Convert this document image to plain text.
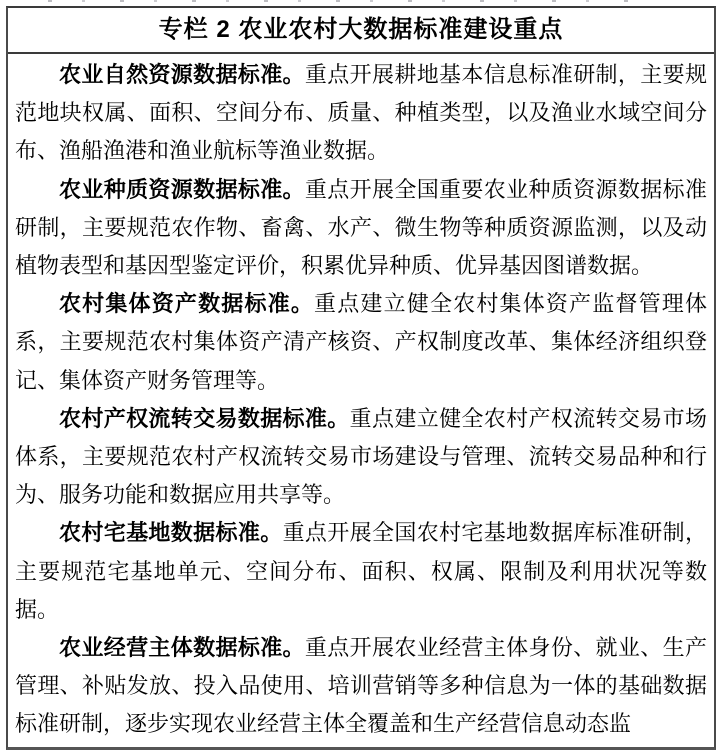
专栏 2 农业农村大数据标准建设重点

农业自然资源数据标准。重点开展耕地基本信息标准研制，主要规范地块权属、面积、空间分布、质量、种植类型，以及渔业水域空间分布、渔船渔港和渔业航标等渔业数据。

农业种质资源数据标准。重点开展全国重要农业种质资源数据标准研制，主要规范农作物、畜禽、水产、微生物等种质资源监测，以及动植物表型和基因型鉴定评价，积累优异种质、优异基因图谱数据。

农村集体资产数据标准。重点建立健全农村集体资产监督管理体系，主要规范农村集体资产清产核资、产权制度改革、集体经济组织登记、集体资产财务管理等。

农村产权流转交易数据标准。重点建立健全农村产权流转交易市场体系，主要规范农村产权流转交易市场建设与管理、流转交易品种和行为、服务功能和数据应用共享等。

农村宅基地数据标准。重点开展全国农村宅基地数据库标准研制，主要规范宅基地单元、空间分布、面积、权属、限制及利用状况等数据。

农业经营主体数据标准。重点开展农业经营主体身份、就业、生产管理、补贴发放、投入品使用、培训营销等多种信息为一体的基础数据标准研制，逐步实现农业经营主体全覆盖和生产经营信息动态监
